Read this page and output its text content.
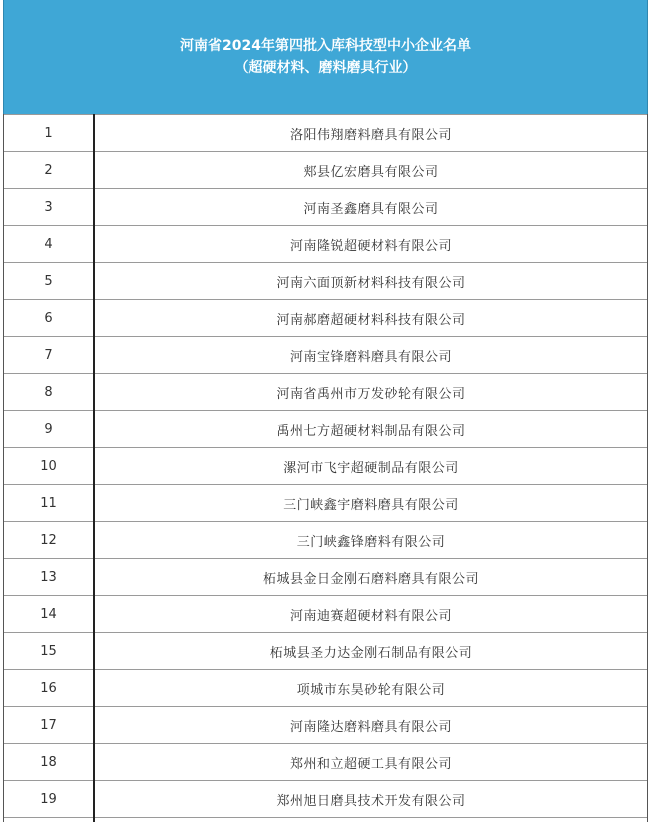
河南省2024年第四批入库科技型中小企业名单
（超硬材料、磨料磨具行业）
1	洛阳伟翔磨料磨具有限公司
2	郏县亿宏磨具有限公司
3	河南圣鑫磨具有限公司
4	河南隆锐超硬材料有限公司
5	河南六面顶新材料科技有限公司
6	河南郝磨超硬材料科技有限公司
7	河南宝锋磨料磨具有限公司
8	河南省禹州市万发砂轮有限公司
9	禹州七方超硬材料制品有限公司
10	漯河市飞宇超硬制品有限公司
11	三门峡鑫宇磨料磨具有限公司
12	三门峡鑫锋磨料有限公司
13	柘城县金日金刚石磨料磨具有限公司
14	河南迪赛超硬材料有限公司
15	柘城县圣力达金刚石制品有限公司
16	项城市东昊砂轮有限公司
17	河南隆达磨料磨具有限公司
18	郑州和立超硬工具有限公司
19	郑州旭日磨具技术开发有限公司
